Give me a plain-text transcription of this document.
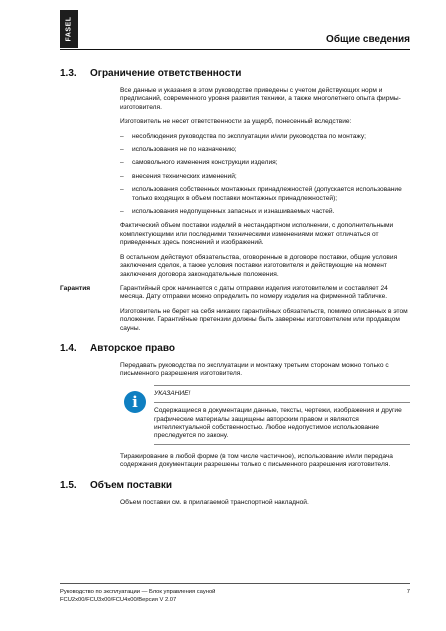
FASEL	Общие сведения
1.3. Ограничение ответственности

Все данные и указания в этом руководстве приведены с учетом действующих норм и предписаний, современного уровня развития техники, а также многолетнего опыта фирмы-изготовителя.

Изготовитель не несет ответственности за ущерб, понесенный вследствие:

– несоблюдения руководства по эксплуатации и/или руководства по монтажу;
– использования не по назначению;
– самовольного изменения конструкции изделия;
– внесения технических изменений;
– использования собственных монтажных принадлежностей (допускается использование только входящих в объем поставки монтажных принадлежностей);
– использования недопущенных запасных и изнашиваемых частей.

Фактический объем поставки изделий в нестандартном исполнении, с дополнительными комплектующими или последними техническими изменениями может отличаться от приведенных здесь пояснений и изображений.

В остальном действуют обязательства, оговоренные в договоре поставки, общие условия заключения сделок, а также условия поставки изготовителя и действующие на момент заключения договора законодательные положения.

Гарантия	Гарантийный срок начинается с даты отправки изделия изготовителем и составляет 24 месяца. Дату отправки можно определить по номеру изделия на фирменной табличке.

Изготовитель не берет на себя никаких гарантийных обязательств, помимо описанных в этом положении. Гарантийные претензии должны быть заверены изготовителем или продавцом сауны.

1.4. Авторское право

Передавать руководства по эксплуатации и монтажу третьим сторонам можно только с письменного разрешения изготовителя.

i	УКАЗАНИЕ!

Содержащиеся в документации данные, тексты, чертежи, изображения и другие графические материалы защищены авторским правом и являются интеллектуальной собственностью. Любое недопустимое использование преследуется по закону.

Тиражирование в любой форме (в том числе частичное), использование и/или передача содержания документации разрешены только с письменного разрешения изготовителя.

1.5. Объем поставки

Объем поставки см. в прилагаемой транспортной накладной.

Руководство по эксплуатации — Блок управления сауной
FCU2x00/FCU3x00/FCU4x00/Версия V 2.07
7
